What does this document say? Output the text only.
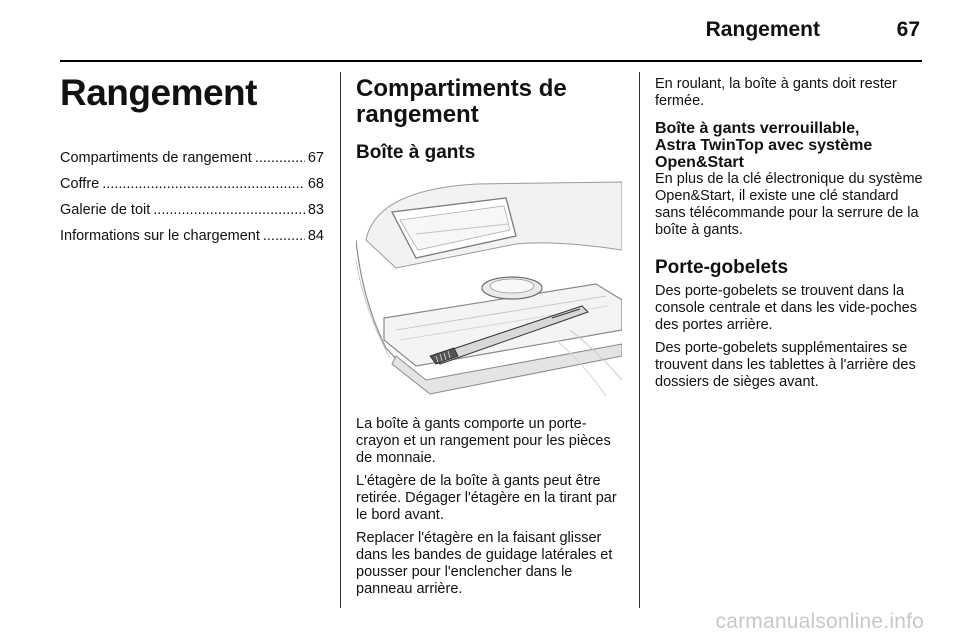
Rangement	67
Rangement
Compartiments de rangement .....	67
Coffre .....	68
Galerie de toit .....	83
Informations sur le chargement .....	84
Compartiments de rangement
Boîte à gants

La boîte à gants comporte un porte-crayon et un rangement pour les pièces de monnaie.

L'étagère de la boîte à gants peut être retirée. Dégager l'étagère en la tirant par le bord avant.

Replacer l'étagère en la faisant glisser dans les bandes de guidage latérales et pousser pour l'enclencher dans le panneau arrière.

En roulant, la boîte à gants doit rester fermée.

Boîte à gants verrouillable, Astra TwinTop avec système Open&Start

En plus de la clé électronique du système Open&Start, il existe une clé standard sans télécommande pour la serrure de la boîte à gants.

Porte-gobelets

Des porte-gobelets se trouvent dans la console centrale et dans les vide-poches des portes arrière.

Des porte-gobelets supplémentaires se trouvent dans les tablettes à l'arrière des dossiers de sièges avant.

carmanualsonline.info
